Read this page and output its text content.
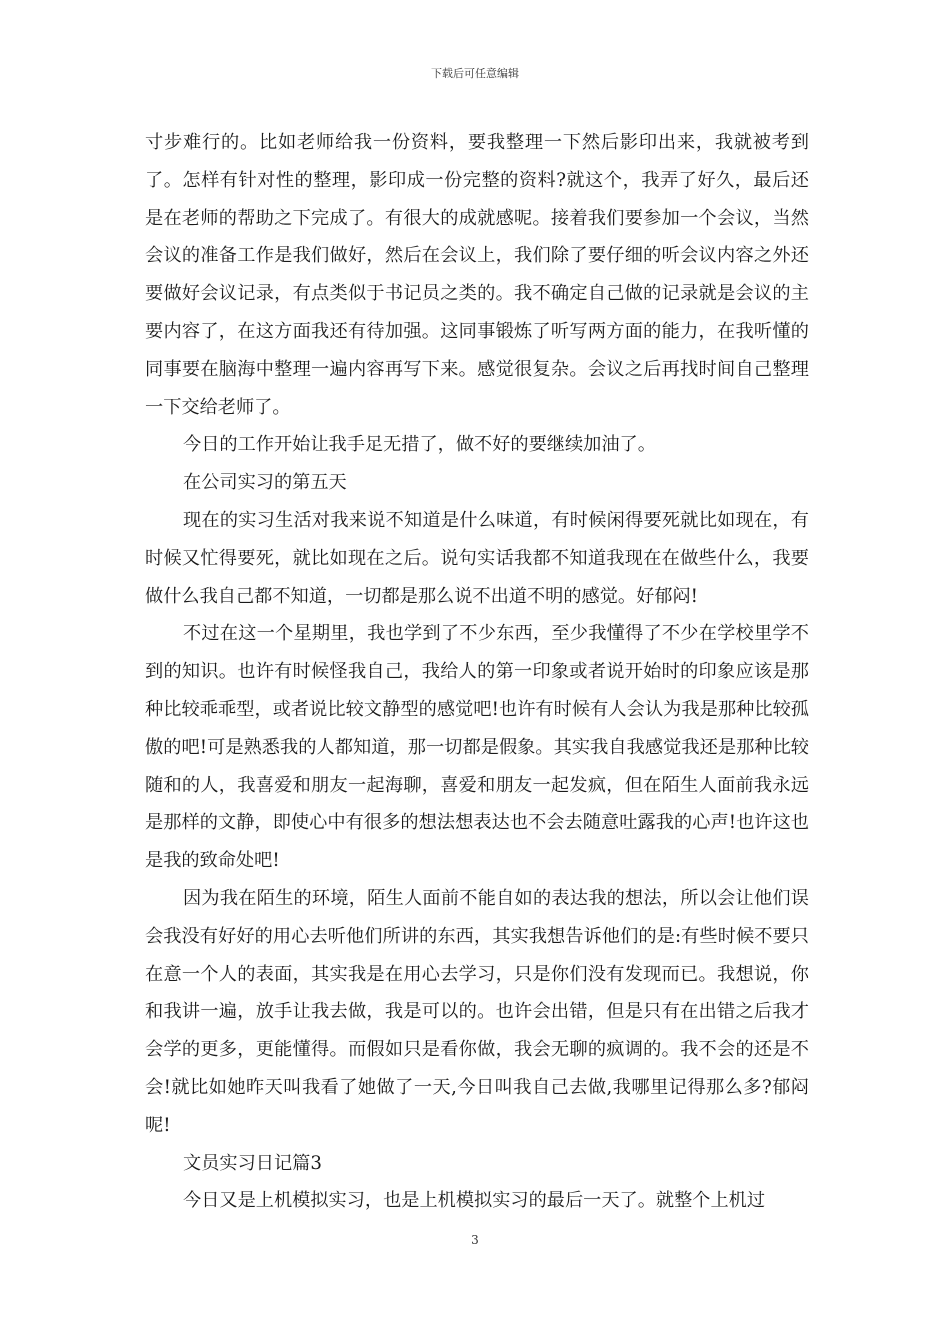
下载后可任意编辑

寸步难行的。比如老师给我一份资料，要我整理一下然后影印出来，我就被考到了。怎样有针对性的整理，影印成一份完整的资料?就这个，我弄了好久，最后还是在老师的帮助之下完成了。有很大的成就感呢。接着我们要参加一个会议，当然会议的准备工作是我们做好，然后在会议上，我们除了要仔细的听会议内容之外还要做好会议记录，有点类似于书记员之类的。我不确定自己做的记录就是会议的主要内容了，在这方面我还有待加强。这同事锻炼了听写两方面的能力，在我听懂的同事要在脑海中整理一遍内容再写下来。感觉很复杂。会议之后再找时间自己整理一下交给老师了。

今日的工作开始让我手足无措了，做不好的要继续加油了。

在公司实习的第五天

现在的实习生活对我来说不知道是什么味道，有时候闲得要死就比如现在，有时候又忙得要死，就比如现在之后。说句实话我都不知道我现在在做些什么，我要做什么我自己都不知道，一切都是那么说不出道不明的感觉。好郁闷!

不过在这一个星期里，我也学到了不少东西，至少我懂得了不少在学校里学不到的知识。也许有时候怪我自己，我给人的第一印象或者说开始时的印象应该是那种比较乖乖型，或者说比较文静型的感觉吧!也许有时候有人会认为我是那种比较孤傲的吧!可是熟悉我的人都知道，那一切都是假象。其实我自我感觉我还是那种比较随和的人，我喜爱和朋友一起海聊，喜爱和朋友一起发疯，但在陌生人面前我永远是那样的文静，即使心中有很多的想法想表达也不会去随意吐露我的心声!也许这也是我的致命处吧!

因为我在陌生的环境，陌生人面前不能自如的表达我的想法，所以会让他们误会我没有好好的用心去听他们所讲的东西，其实我想告诉他们的是:有些时候不要只在意一个人的表面，其实我是在用心去学习，只是你们没有发现而已。我想说，你和我讲一遍，放手让我去做，我是可以的。也许会出错，但是只有在出错之后我才会学的更多，更能懂得。而假如只是看你做，我会无聊的疯调的。我不会的还是不会!就比如她昨天叫我看了她做了一天,今日叫我自己去做,我哪里记得那么多?郁闷呢!

文员实习日记篇3

今日又是上机模拟实习，也是上机模拟实习的最后一天了。就整个上机过

3
